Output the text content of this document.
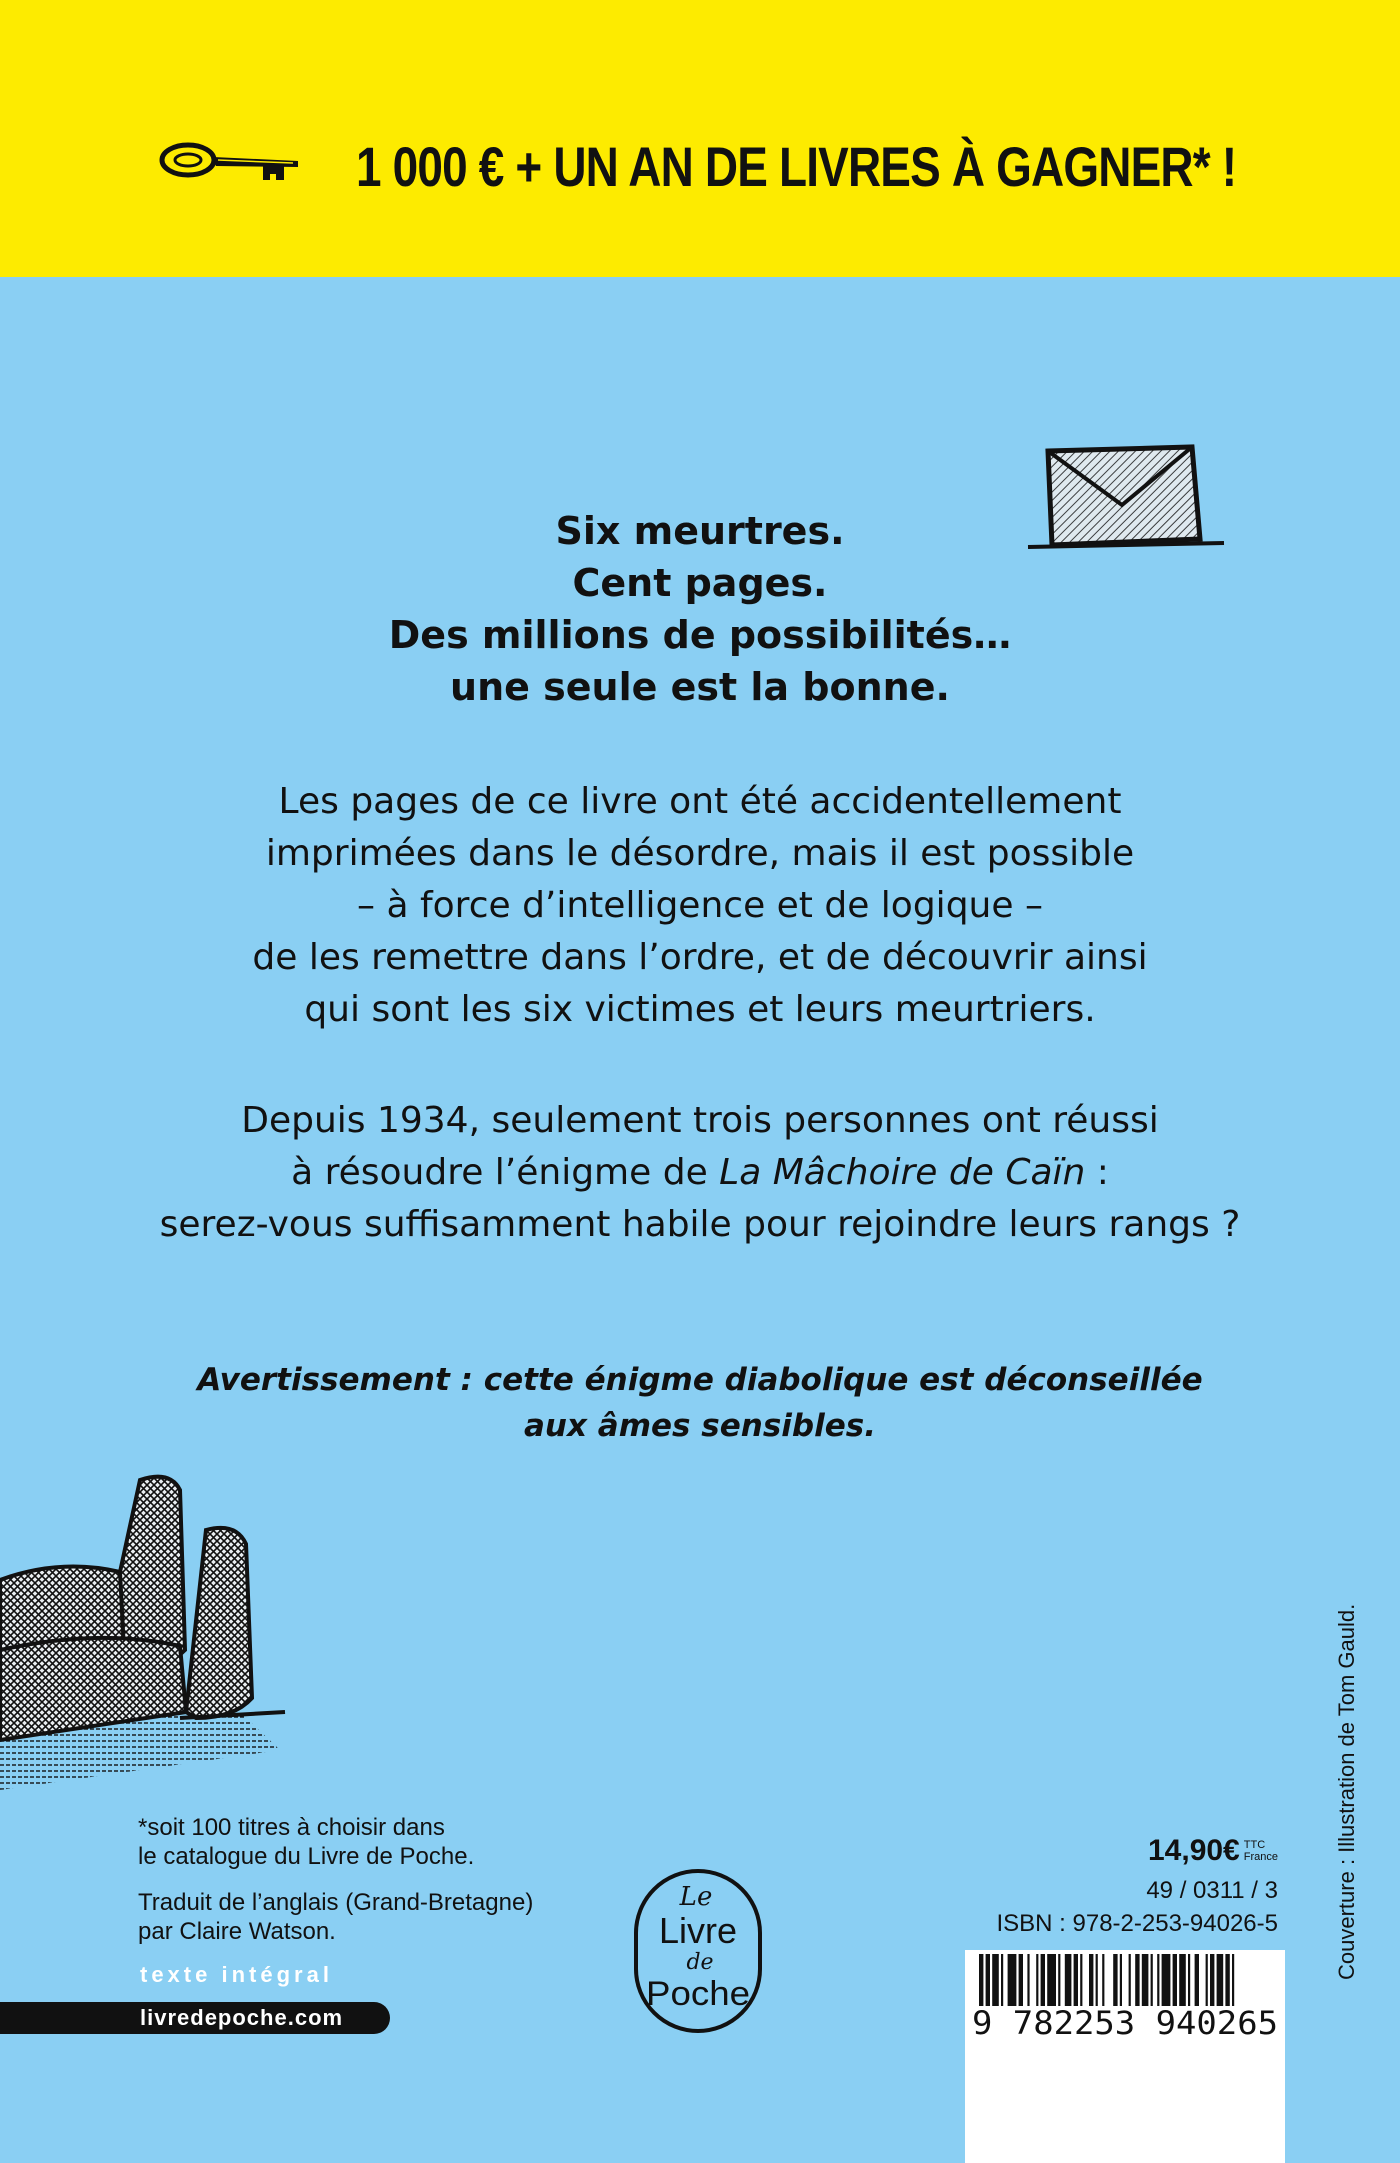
1 000 € + UN AN DE LIVRES À GAGNER* !
Six meurtres.
Cent pages.
Des millions de possibilités…
une seule est la bonne.
Les pages de ce livre ont été accidentellement
imprimées dans le désordre, mais il est possible
– à force d’intelligence et de logique –
de les remettre dans l’ordre, et de découvrir ainsi
qui sont les six victimes et leurs meurtriers.
Depuis 1934, seulement trois personnes ont réussi
à résoudre l’énigme de La Mâchoire de Caïn :
serez-vous suffisamment habile pour rejoindre leurs rangs ?
Avertissement : cette énigme diabolique est déconseillée
aux âmes sensibles.
*soit 100 titres à choisir dans
le catalogue du Livre de Poche.
Traduit de l’anglais (Grand-Bretagne)
par Claire Watson.
texte intégral
livredepoche.com
Le
Livre
de
Poche
14,90€ TTC
France
49 / 0311 / 3
ISBN : 978-2-253-94026-5
9 782253 940265
Couverture : Illustration de Tom Gauld.
